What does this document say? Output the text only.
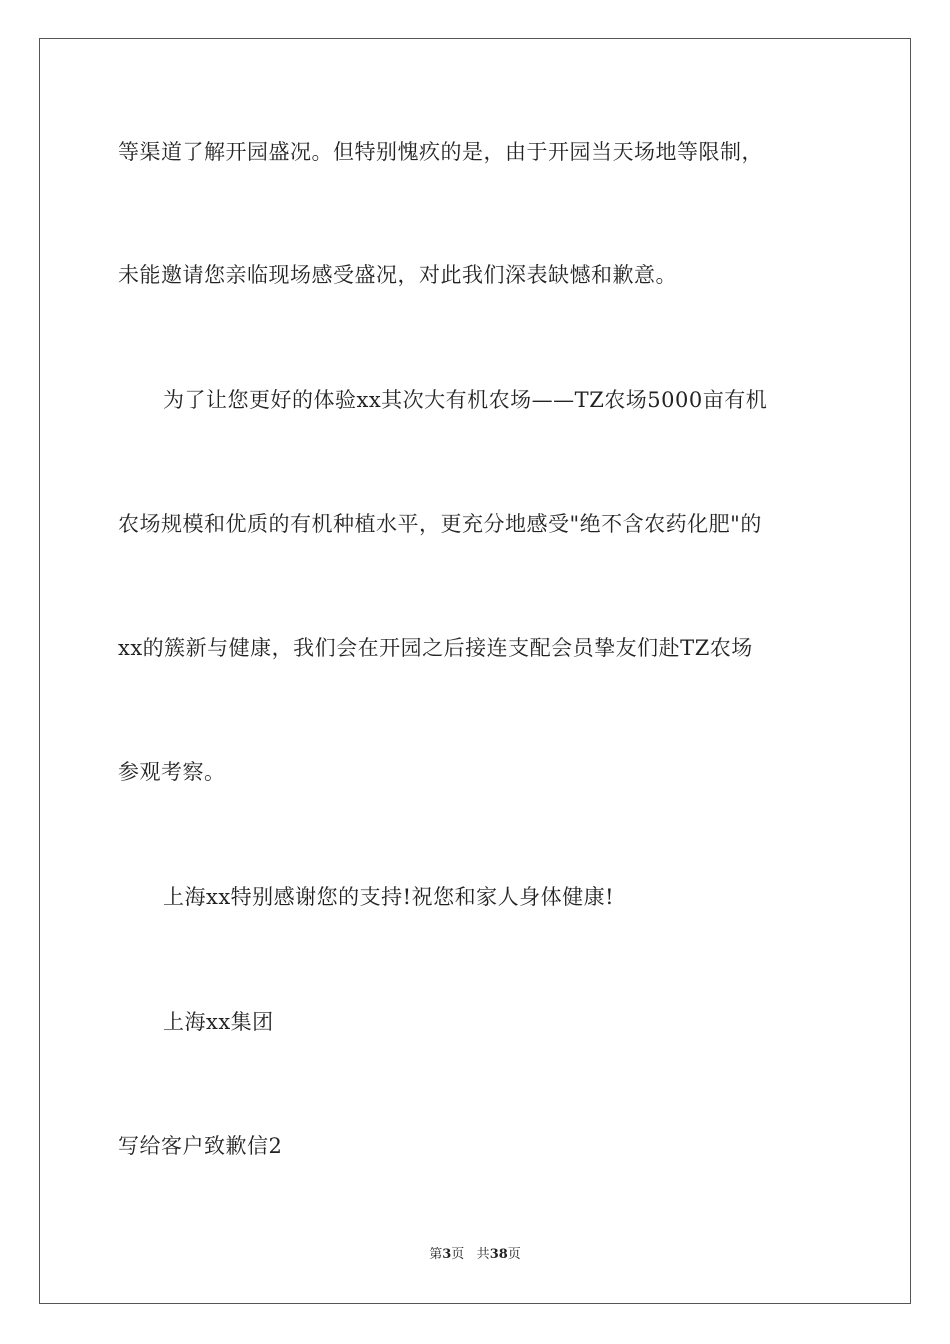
等渠道了解开园盛况。但特别愧疚的是，由于开园当天场地等限制，
未能邀请您亲临现场感受盛况，对此我们深表缺憾和歉意。
为了让您更好的体验xx其次大有机农场——TZ农场5000亩有机
农场规模和优质的有机种植水平，更充分地感受"绝不含农药化肥"的
xx的簇新与健康，我们会在开园之后接连支配会员挚友们赴TZ农场
参观考察。
上海xx特别感谢您的支持!祝您和家人身体健康!
上海xx集团
写给客户致歉信2
第3页 共38页
